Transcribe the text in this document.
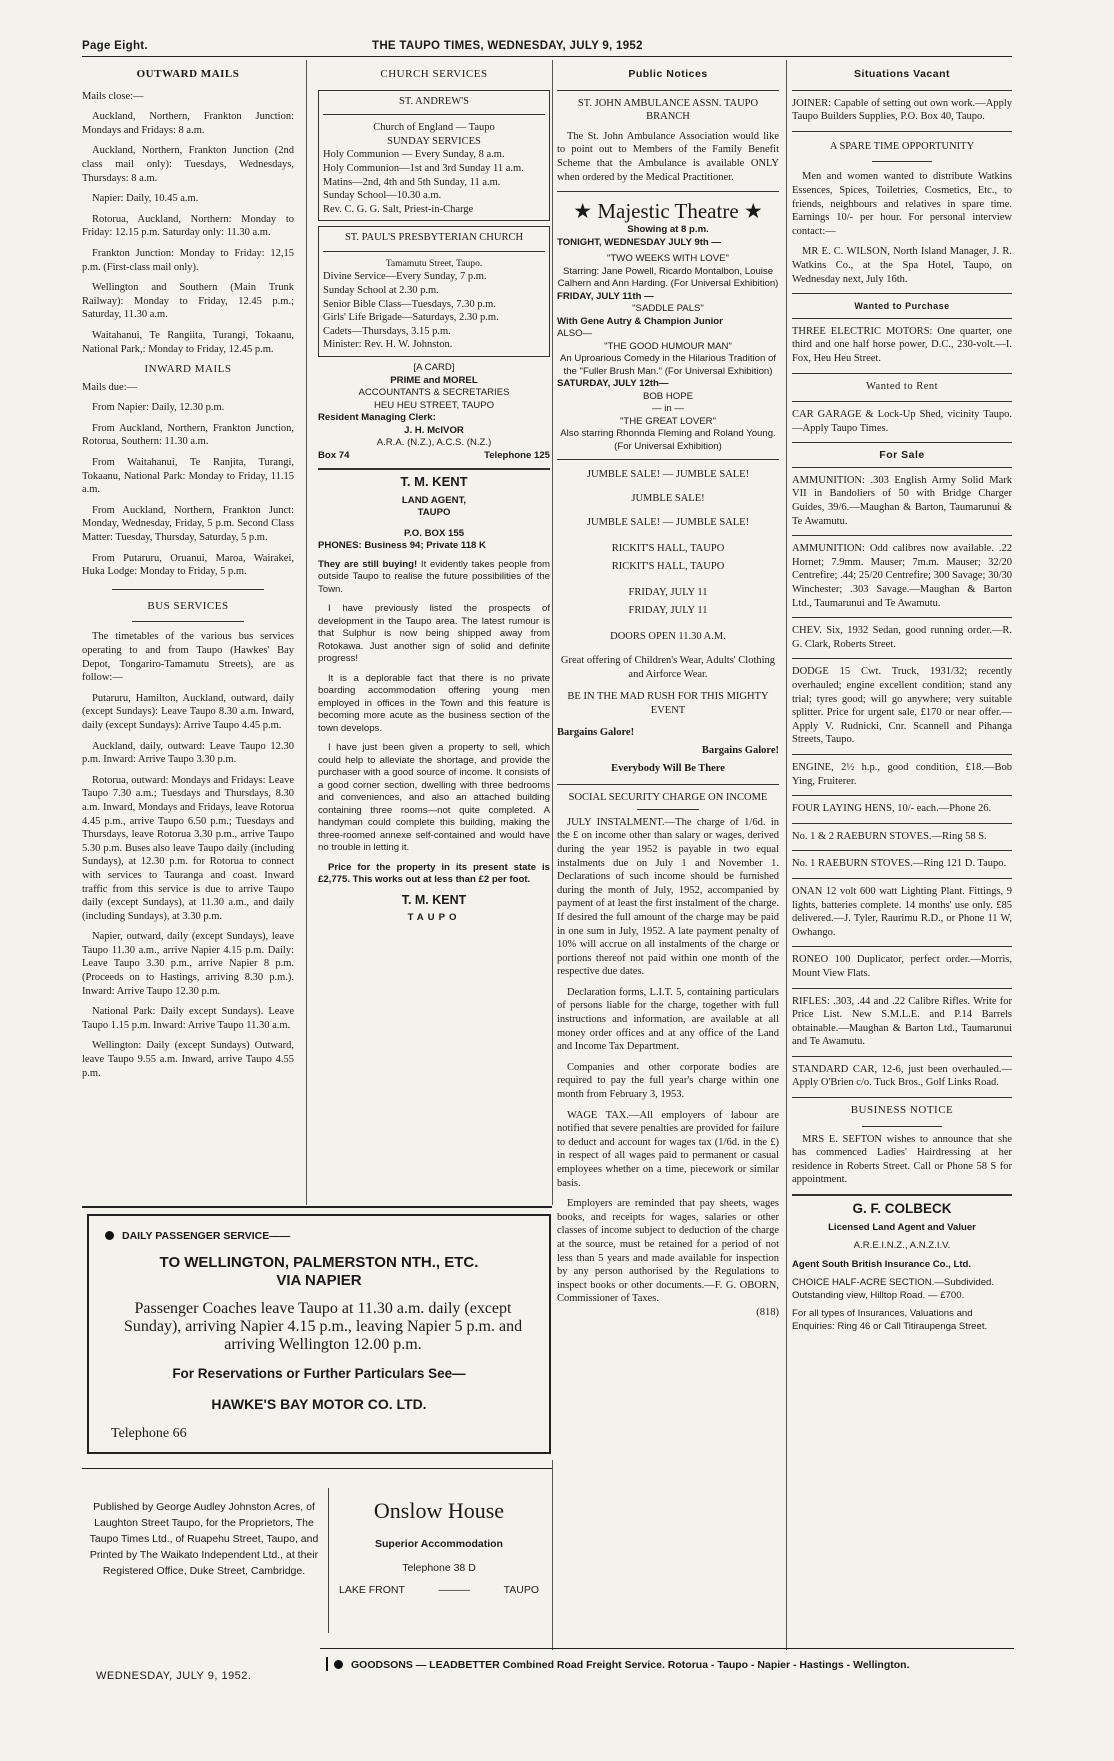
Page Eight.	THE TAUPO TIMES, WEDNESDAY, JULY 9, 1952
OUTWARD MAILS

Mails close:—

Auckland, Northern, Frankton Junction: Mondays and Fridays: 8 a.m.

Auckland, Northern, Frankton Junction (2nd class mail only): Tuesdays, Wednesdays, Thursdays: 8 a.m.

Napier: Daily, 10.45 a.m.

Rotorua, Auckland, Northern: Monday to Friday: 12.15 p.m. Saturday only: 11.30 a.m.

Frankton Junction: Monday to Friday: 12,15 p.m. (First-class mail only).

Wellington and Southern (Main Trunk Railway): Monday to Friday, 12.45 p.m.; Saturday, 11.30 a.m.

Waitahanui, Te Rangiita, Turangi, Tokaanu, National Park,: Monday to Friday, 12.45 p.m.

INWARD MAILS

Mails due:—

From Napier: Daily, 12.30 p.m.

From Auckland, Northern, Frankton Junction, Rotorua, Southern: 11.30 a.m.

From Waitahanui, Te Ranjita, Turangi, Tokaanu, National Park: Monday to Friday, 11.15 a.m.

From Auckland, Northern, Frankton Junct: Monday, Wednesday, Friday, 5 p.m. Second Class Matter: Tuesday, Thursday, Saturday, 5 p.m.

From Putaruru, Oruanui, Maroa, Wairakei, Huka Lodge: Monday to Friday, 5 p.m.

BUS SERVICES

The timetables of the various bus services operating to and from Taupo (Hawkes' Bay Depot, Tongariro-Tamamutu Streets), are as follow:—

Putaruru, Hamilton, Auckland, outward, daily (except Sundays): Leave Taupo 8.30 a.m. Inward, daily (except Sundays): Arrive Taupo 4.45 p.m.

Auckland, daily, outward: Leave Taupo 12.30 p.m. Inward: Arrive Taupo 3.30 p.m.

Rotorua, outward: Mondays and Fridays: Leave Taupo 7.30 a.m.; Tuesdays and Thursdays, 8.30 a.m. Inward, Mondays and Fridays, leave Rotorua 4.45 p.m., arrive Taupo 6.50 p.m.; Tuesdays and Thursdays, leave Rotorua 3.30 p.m., arrive Taupo 5.30 p.m. Buses also leave Taupo daily (including Sundays), at 12.30 p.m. for Rotorua to connect with services to Tauranga and coast. Inward traffic from this service is due to arrive Taupo daily (except Sundays), at 11.30 a.m., and daily (including Sundays), at 3.30 p.m.

Napier, outward, daily (except Sundays), leave Taupo 11.30 a.m., arrive Napier 4.15 p.m. Daily: Leave Taupo 3.30 p.m., arrive Napier 8 p.m. (Proceeds on to Hastings, arriving 8.30 p.m.). Inward: Arrive Taupo 12.30 p.m.

National Park: Daily except Sundays). Leave Taupo 1.15 p.m. Inward: Arrive Taupo 11.30 a.m.

Wellington: Daily (except Sundays) Outward, leave Taupo 9.55 a.m. Inward, arrive Taupo 4.55 p.m.

CHURCH SERVICES
ST. ANDREW'S
Church of England — Taupo
SUNDAY SERVICES
Holy Communion — Every Sunday, 8 a.m.
Holy Communion—1st and 3rd Sunday 11 a.m.
Matins—2nd, 4th and 5th Sunday, 11 a.m.
Sunday School—10.30 a.m.
Rev. C. G. G. Salt, Priest-in-Charge
ST. PAUL'S PRESBYTERIAN CHURCH
Tamamutu Street, Taupo.
Divine Service—Every Sunday, 7 p.m.
Sunday School at 2.30 p.m.
Senior Bible Class—Tuesdays, 7.30 p.m.
Girls' Life Brigade—Saturdays, 2.30 p.m.
Cadets—Thursdays, 3.15 p.m.
Minister: Rev. H. W. Johnston.
[A CARD]
PRIME and MOREL
ACCOUNTANTS & SECRETARIES
HEU HEU STREET, TAUPO
Resident Managing Clerk:
J. H. McIVOR
A.R.A. (N.Z.), A.C.S. (N.Z.)
Box 74	Telephone 125
T. M. KENT
LAND AGENT,
TAUPO
P.O. BOX 155
PHONES: Business 94; Private 118 K

They are still buying! It evidently takes people from outside Taupo to realise the future possibilities of the Town.

I have previously listed the prospects of development in the Taupo area. The latest rumour is that Sulphur is now being shipped away from Rotokawa. Just another sign of solid and definite progress!

It is a deplorable fact that there is no private boarding accommodation offering young men employed in offices in the Town and this feature is becoming more acute as the business section of the town develops.

I have just been given a property to sell, which could help to alleviate the shortage, and provide the purchaser with a good source of income. It consists of a good corner section, dwelling with three bedrooms and conveniences, and also an attached building containing three rooms—not quite completed. A handyman could complete this building, making the three-roomed annexe self-contained and would have no trouble in letting it.

Price for the property in its present state is £2,775. This works out at less than £2 per foot.

T. M. KENT
TAUPO
Public Notices
ST. JOHN AMBULANCE ASSN. TAUPO BRANCH

The St. John Ambulance Association would like to point out to Members of the Family Benefit Scheme that the Ambulance is available ONLY when ordered by the Medical Practitioner.

★ Majestic Theatre ★
Showing at 8 p.m.
TONIGHT, WEDNESDAY JULY 9th —
"TWO WEEKS WITH LOVE"
Starring: Jane Powell, Ricardo Montalbon, Louise Calhern and Ann Harding. (For Universal Exhibition)
FRIDAY, JULY 11th —
"SADDLE PALS"
With Gene Autry & Champion Junior
ALSO—
"THE GOOD HUMOUR MAN"
An Uproarious Comedy in the Hilarious Tradition of the "Fuller Brush Man." (For Universal Exhibition)
SATURDAY, JULY 12th—
BOB HOPE
— in —
"THE GREAT LOVER"
Also starring Rhonnda Fleming and Roland Young. (For Universal Exhibition)
JUMBLE SALE! — JUMBLE SALE!
JUMBLE SALE!
JUMBLE SALE! — JUMBLE SALE!
RICKIT'S HALL, TAUPO
RICKIT'S HALL, TAUPO
FRIDAY, JULY 11
FRIDAY, JULY 11
DOORS OPEN 11.30 A.M.
Great offering of Children's Wear, Adults' Clothing and Airforce Wear.
BE IN THE MAD RUSH FOR THIS MIGHTY EVENT
Bargains Galore!
Bargains Galore!
Everybody Will Be There
SOCIAL SECURITY CHARGE ON INCOME

JULY INSTALMENT.—The charge of 1/6d. in the £ on income other than salary or wages, derived during the year 1952 is payable in two equal instalments due on July 1 and November 1. Declarations of such income should be furnished during the month of July, 1952, accompanied by payment of at least the first instalment of the charge. If desired the full amount of the charge may be paid in one sum in July, 1952. A late payment penalty of 10% will accrue on all instalments of the charge or portions thereof not paid within one month of the respective due dates.

Declaration forms, L.I.T. 5, containing particulars of persons liable for the charge, together with full instructions and information, are available at all money order offices and at any office of the Land and Income Tax Department.

Companies and other corporate bodies are required to pay the full year's charge within one month from February 3, 1953.

WAGE TAX.—All employers of labour are notified that severe penalties are provided for failure to deduct and account for wages tax (1/6d. in the £) in respect of all wages paid to permanent or casual employees whether on a time, piecework or similar basis.

Employers are reminded that pay sheets, wages books, and receipts for wages, salaries or other classes of income subject to deduction of the charge at the source, must be retained for a period of not less than 5 years and made available for inspection by any person authorised by the Regulations to inspect books or other documents.—F. G. OBORN, Commissioner of Taxes.

(818)
Situations Vacant

JOINER: Capable of setting out own work.—Apply Taupo Builders Supplies, P.O. Box 40, Taupo.

A SPARE TIME OPPORTUNITY

Men and women wanted to distribute Watkins Essences, Spices, Toiletries, Cosmetics, Etc., to friends, neighbours and relatives in spare time. Earnings 10/- per hour. For personal interview contact:—

MR E. C. WILSON, North Island Manager, J. R. Watkins Co., at the Spa Hotel, Taupo, on Wednesday next, July 16th.

Wanted to Purchase

THREE ELECTRIC MOTORS: One quarter, one third and one half horse power, D.C., 230-volt.—I. Fox, Heu Heu Street.

Wanted to Rent

CAR GARAGE & Lock-Up Shed, vicinity Taupo.—Apply Taupo Times.

For Sale

AMMUNITION: .303 English Army Solid Mark VII in Bandoliers of 50 with Bridge Charger Guides, 39/6.—Maughan & Barton, Taumarunui & Te Awamutu.

AMMUNITION: Odd calibres now available. .22 Hornet; 7.9mm. Mauser; 7m.m. Mauser; 32/20 Centrefire; .44; 25/20 Centrefire; 300 Savage; 30/30 Winchester; .303 Savage.—Maughan & Barton Ltd., Taumarunui and Te Awamutu.

CHEV. Six, 1932 Sedan, good running order.—R. G. Clark, Roberts Street.

DODGE 15 Cwt. Truck, 1931/32; recently overhauled; engine excellent condition; stand any trial; tyres good; will go anywhere; very suitable splitter. Price for urgent sale, £170 or near offer.—Apply V. Rudnicki, Cnr. Scannell and Pihanga Streets, Taupo.

ENGINE, 2½ h.p., good condition, £18.—Bob Ying, Fruiterer.

FOUR LAYING HENS, 10/- each.—Phone 26.

No. 1 & 2 RAEBURN STOVES.—Ring 58 S.

No. 1 RAEBURN STOVES.—Ring 121 D. Taupo.

ONAN 12 volt 600 watt Lighting Plant. Fittings, 9 lights, batteries complete. 14 months' use only. £85 delivered.—J. Tyler, Raurimu R.D., or Phone 11 W, Owhango.

RONEO 100 Duplicator, perfect order.—Morris, Mount View Flats.

RIFLES: .303, .44 and .22 Calibre Rifles. Write for Price List. New S.M.L.E. and P.14 Barrels obtainable.—Maughan & Barton Ltd., Taumarunui and Te Awamutu.

STANDARD CAR, 12-6, just been overhauled.—Apply O'Brien c/o. Tuck Bros., Golf Links Road.

BUSINESS NOTICE

MRS E. SEFTON wishes to announce that she has commenced Ladies' Hairdressing at her residence in Roberts Street. Call or Phone 58 S for appointment.

G. F. COLBECK
Licensed Land Agent and Valuer
A.R.E.I.N.Z., A.N.Z.I.V.
Agent South British Insurance Co., Ltd.
CHOICE HALF-ACRE SECTION.—Subdivided. Outstanding view, Hilltop Road. — £700.
For all types of Insurances, Valuations and Enquiries: Ring 46 or Call Titiraupenga Street.
DAILY PASSENGER SERVICE——
TO WELLINGTON, PALMERSTON NTH., ETC.
VIA NAPIER
Passenger Coaches leave Taupo at 11.30 a.m. daily (except Sunday), arriving Napier 4.15 p.m., leaving Napier 5 p.m. and arriving Wellington 12.00 p.m.
For Reservations or Further Particulars See—
HAWKE'S BAY MOTOR CO. LTD.
Telephone 66
Published by George Audley Johnston Acres, of Laughton Street Taupo, for the Proprietors, The Taupo Times Ltd., of Ruapehu Street, Taupo, and Printed by The Waikato Independent Ltd., at their Registered Office, Duke Street, Cambridge.
WEDNESDAY, JULY 9, 1952.
Onslow House
Superior Accommodation
Telephone 38 D
LAKE FRONT	———	TAUPO
GOODSONS — LEADBETTER Combined Road Freight Service. Rotorua - Taupo - Napier - Hastings - Wellington.
